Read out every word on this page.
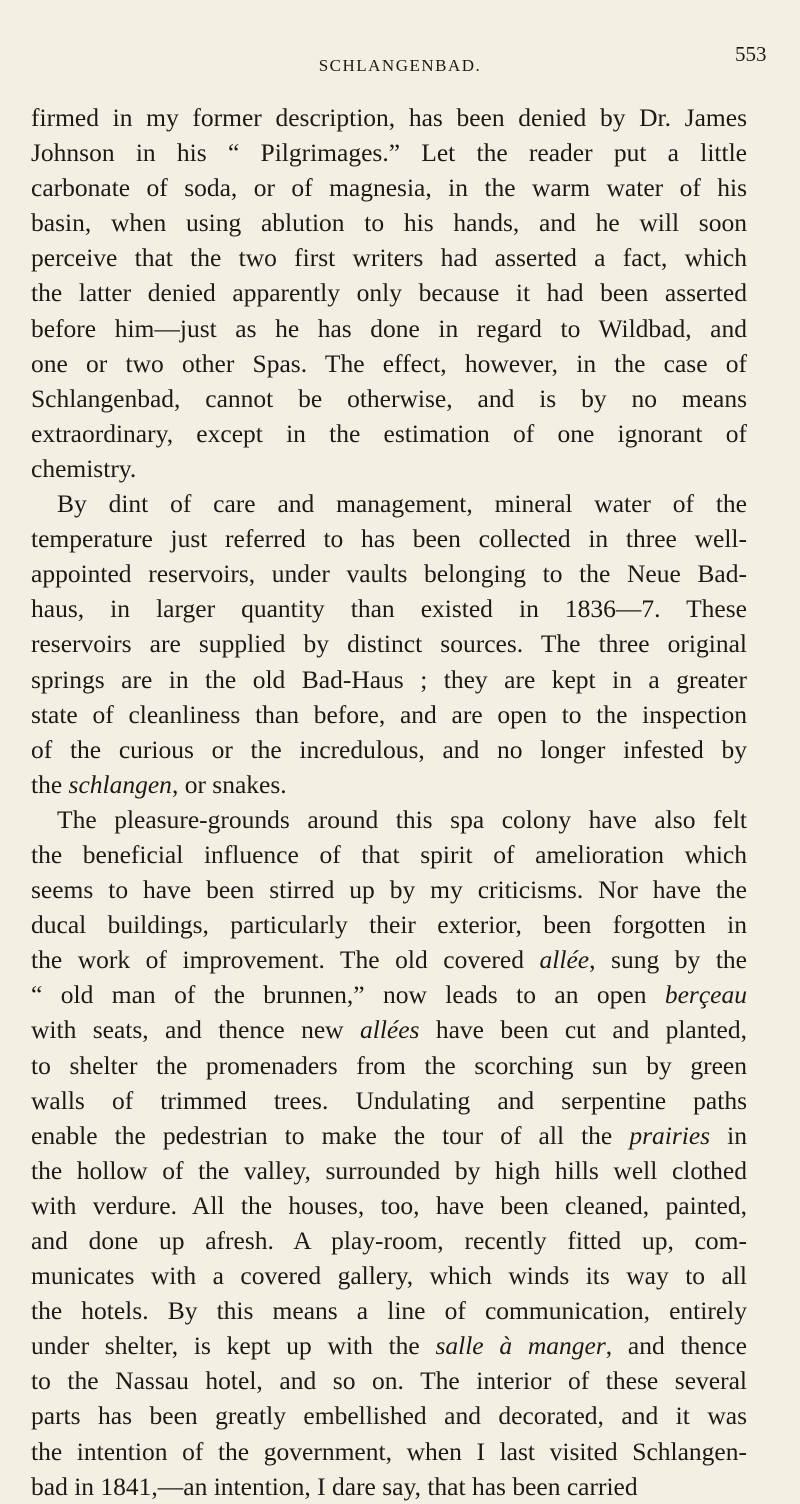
SCHLANGENBAD.	553
firmed in my former description, has been denied by Dr. James
Johnson in his “ Pilgrimages.” Let the reader put a little
carbonate of soda, or of magnesia, in the warm water of his
basin, when using ablution to his hands, and he will soon
perceive that the two first writers had asserted a fact, which
the latter denied apparently only because it had been asserted
before him—just as he has done in regard to Wildbad, and
one or two other Spas. The effect, however, in the case of
Schlangenbad, cannot be otherwise, and is by no means
extraordinary, except in the estimation of one ignorant of
chemistry.
By dint of care and management, mineral water of the
temperature just referred to has been collected in three well-
appointed reservoirs, under vaults belonging to the Neue Bad-
haus, in larger quantity than existed in 1836—7. These
reservoirs are supplied by distinct sources. The three original
springs are in the old Bad-Haus ; they are kept in a greater
state of cleanliness than before, and are open to the inspection
of the curious or the incredulous, and no longer infested by
the schlangen, or snakes.
The pleasure-grounds around this spa colony have also felt
the beneficial influence of that spirit of amelioration which
seems to have been stirred up by my criticisms. Nor have the
ducal buildings, particularly their exterior, been forgotten in
the work of improvement. The old covered allée, sung by the
“ old man of the brunnen,” now leads to an open berçeau
with seats, and thence new allées have been cut and planted,
to shelter the promenaders from the scorching sun by green
walls of trimmed trees. Undulating and serpentine paths
enable the pedestrian to make the tour of all the prairies in
the hollow of the valley, surrounded by high hills well clothed
with verdure. All the houses, too, have been cleaned, painted,
and done up afresh. A play-room, recently fitted up, com-
municates with a covered gallery, which winds its way to all
the hotels. By this means a line of communication, entirely
under shelter, is kept up with the salle à manger, and thence
to the Nassau hotel, and so on. The interior of these several
parts has been greatly embellished and decorated, and it was
the intention of the government, when I last visited Schlangen-
bad in 1841,—an intention, I dare say, that has been carried
